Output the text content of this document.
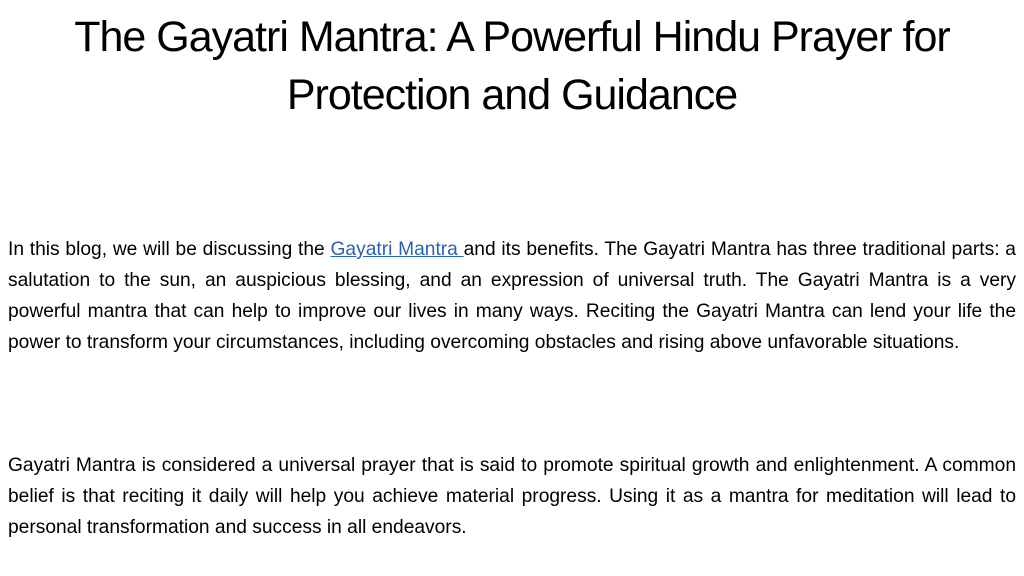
The Gayatri Mantra: A Powerful Hindu Prayer for Protection and Guidance

In this blog, we will be discussing the Gayatri Mantra and its benefits. The Gayatri Mantra has three traditional parts: a salutation to the sun, an auspicious blessing, and an expression of universal truth. The Gayatri Mantra is a very powerful mantra that can help to improve our lives in many ways. Reciting the Gayatri Mantra can lend your life the power to transform your circumstances, including overcoming obstacles and rising above unfavorable situations.

Gayatri Mantra is considered a universal prayer that is said to promote spiritual growth and enlightenment. A common belief is that reciting it daily will help you achieve material progress. Using it as a mantra for meditation will lead to personal transformation and success in all endeavors.
